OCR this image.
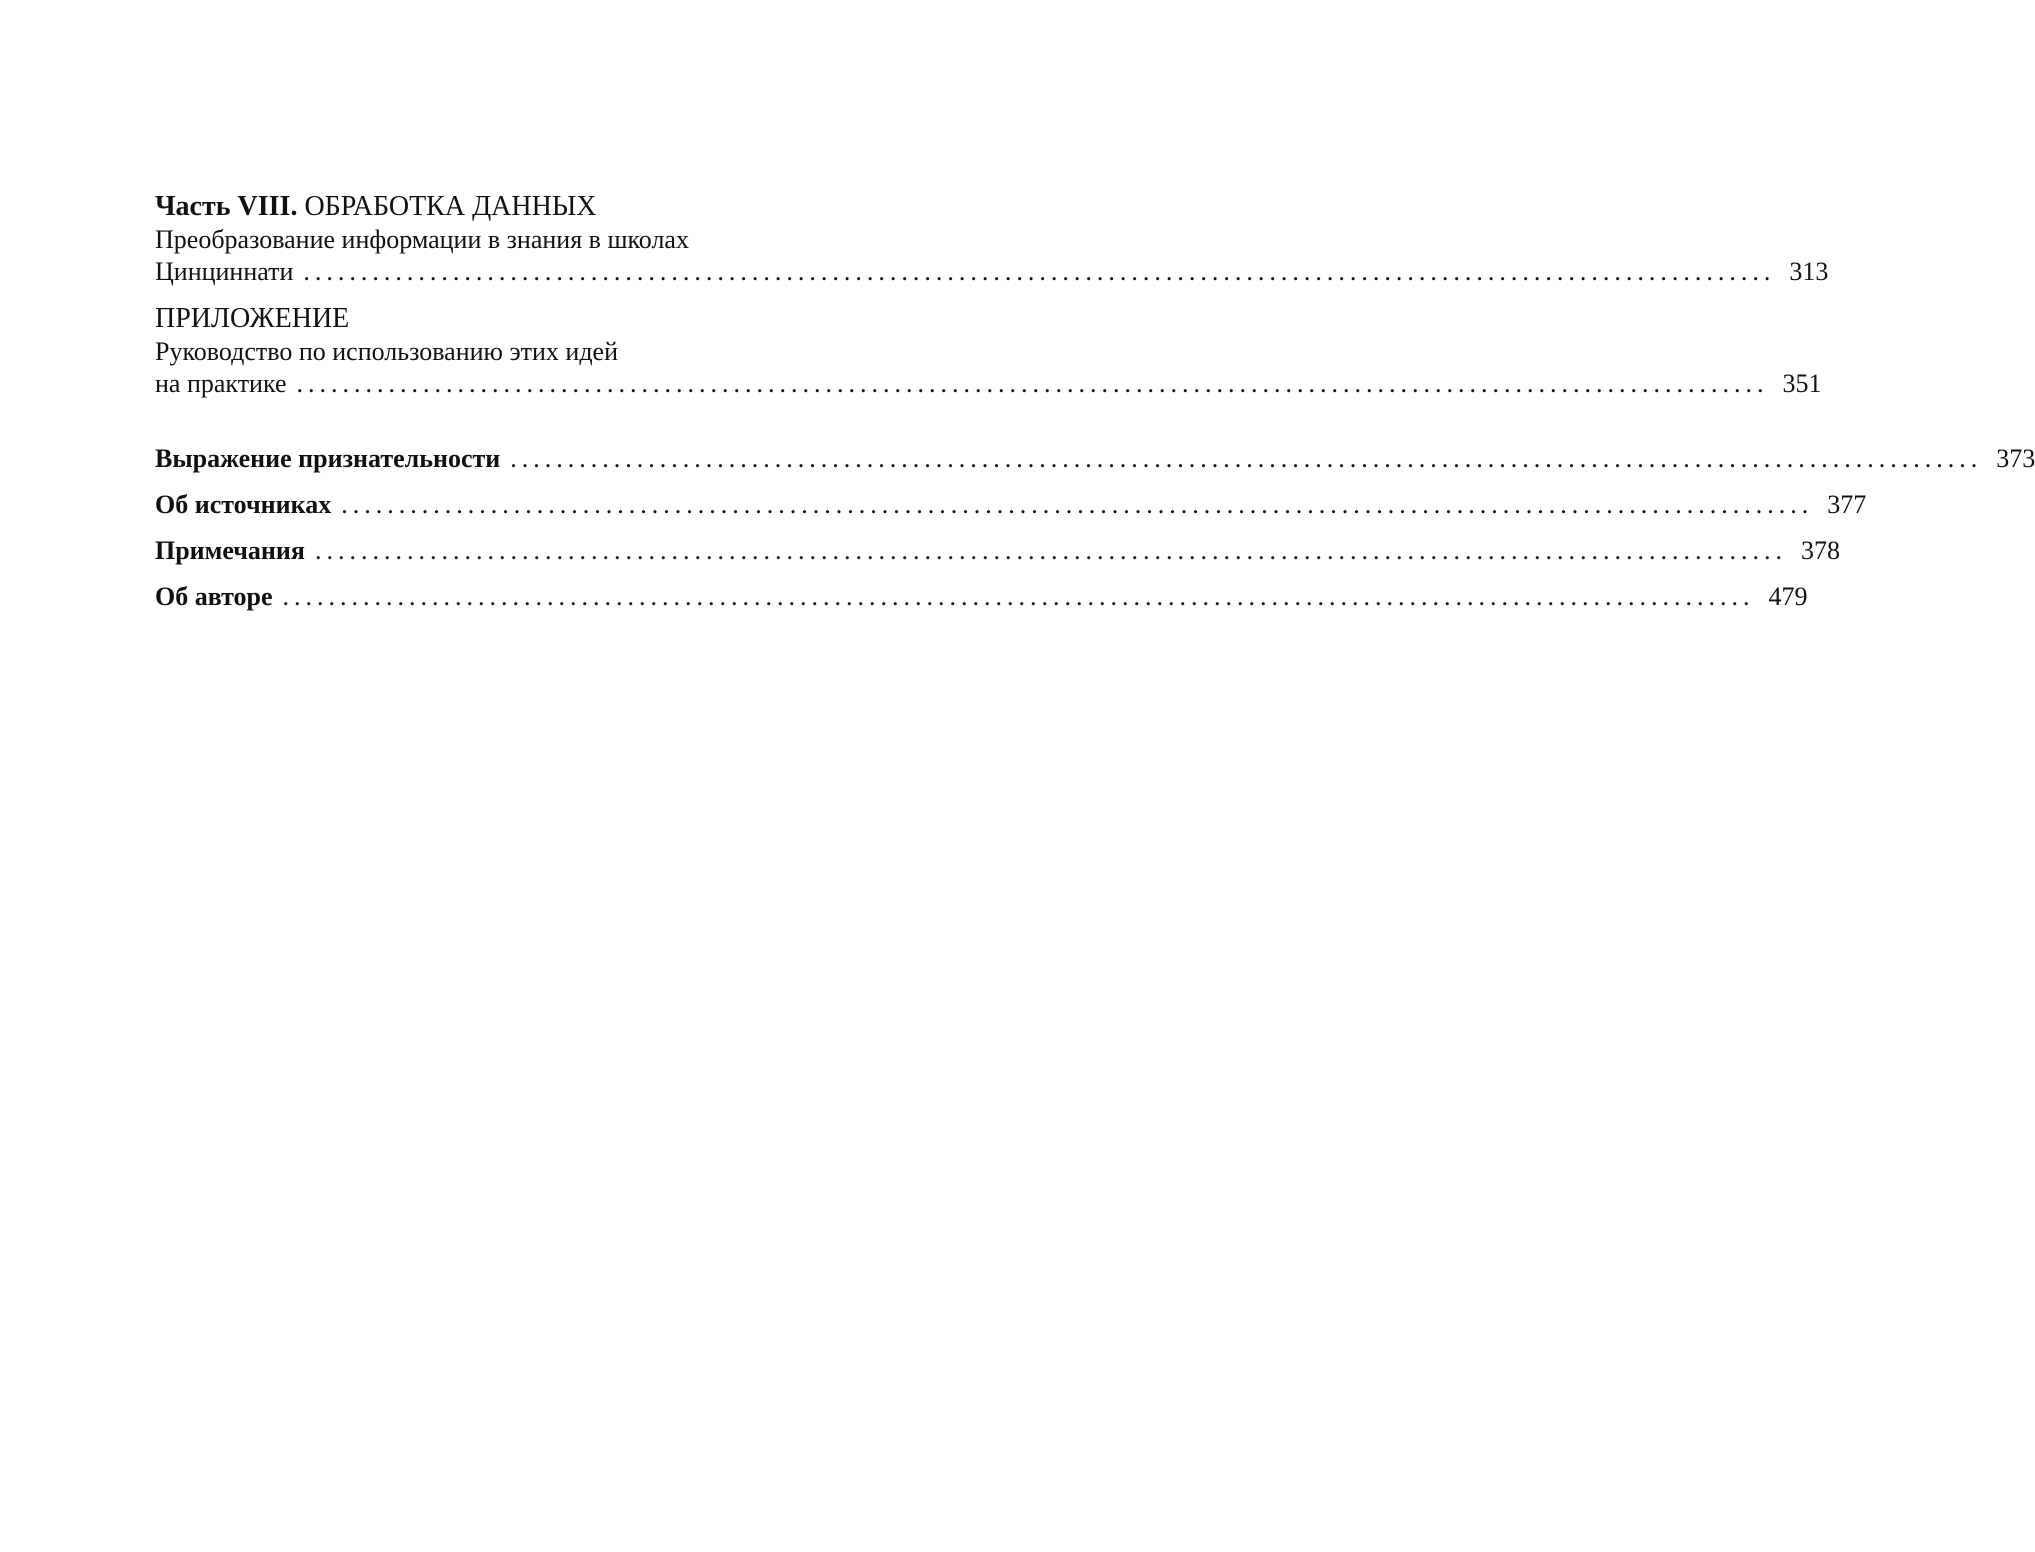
Часть VIII. ОБРАБОТКА ДАННЫХ
Преобразование информации в знания в школах
Цинциннати ................................................................................................................................ 313
ПРИЛОЖЕНИЕ
Руководство по использованию этих идей
на практике ................................................................................................................................ 351
Выражение признательности ................................................................................................................................ 373
Об источниках ................................................................................................................................ 377
Примечания ................................................................................................................................ 378
Об авторе ................................................................................................................................ 479
